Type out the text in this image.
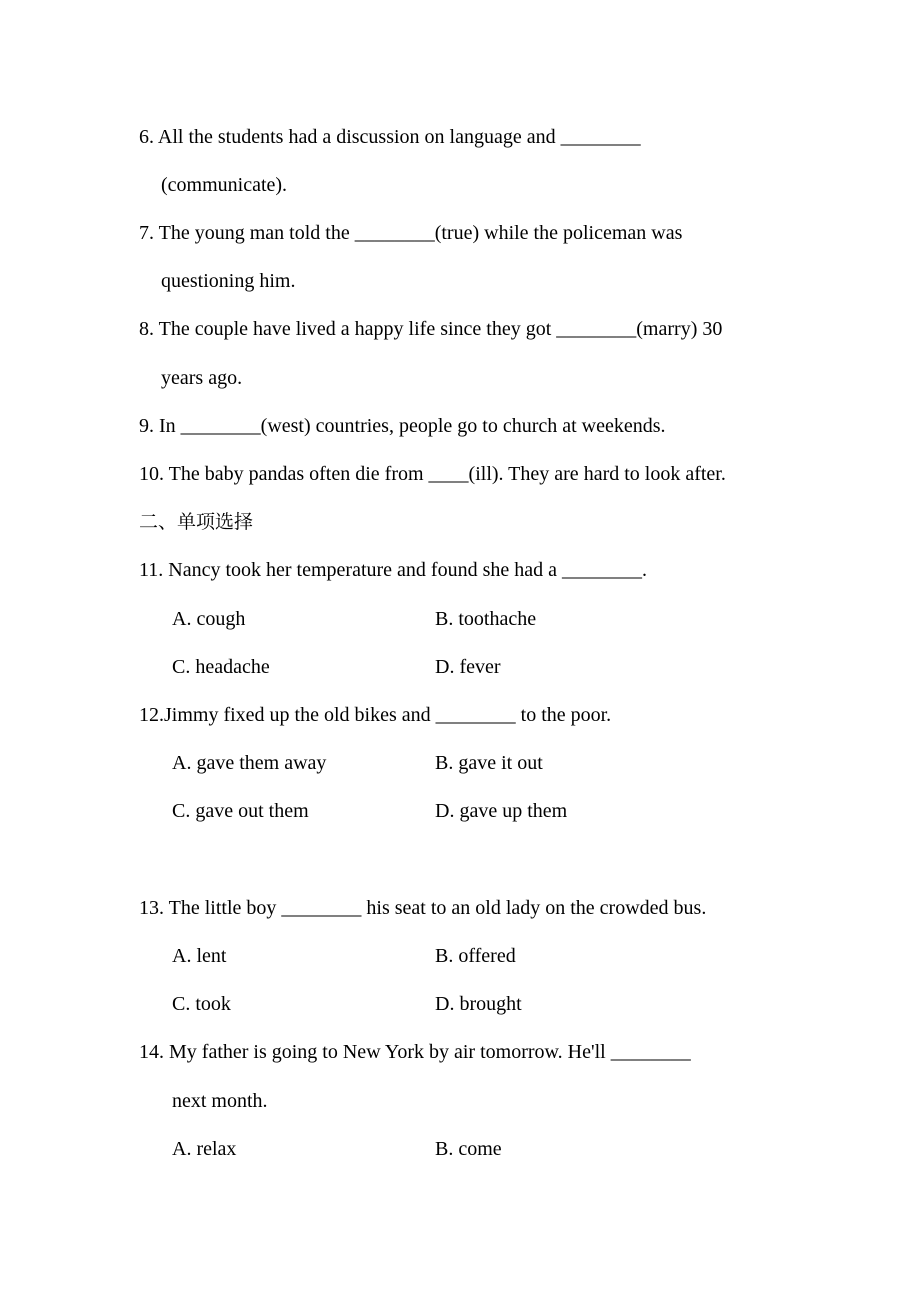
6. All the students had a discussion on language and ________
(communicate).
7. The young man told the ________(true) while the policeman was
questioning him.
8. The couple have lived a happy life since they got ________(marry) 30
years ago.
9. In ________(west) countries, people go to church at weekends.
10. The baby pandas often die from ____(ill). They are hard to look after.
二、单项选择
11. Nancy took her temperature and found she had a ________.
A. cough	B. toothache
C. headache	D. fever
12.Jimmy fixed up the old bikes and ________ to the poor.
A. gave them away	B. gave it out
C. gave out them	D. gave up them
13. The little boy ________ his seat to an old lady on the crowded bus.
A. lent	B. offered
C. took	D. brought
14. My father is going to New York by air tomorrow. He'll ________
next month.
A. relax	B. come
